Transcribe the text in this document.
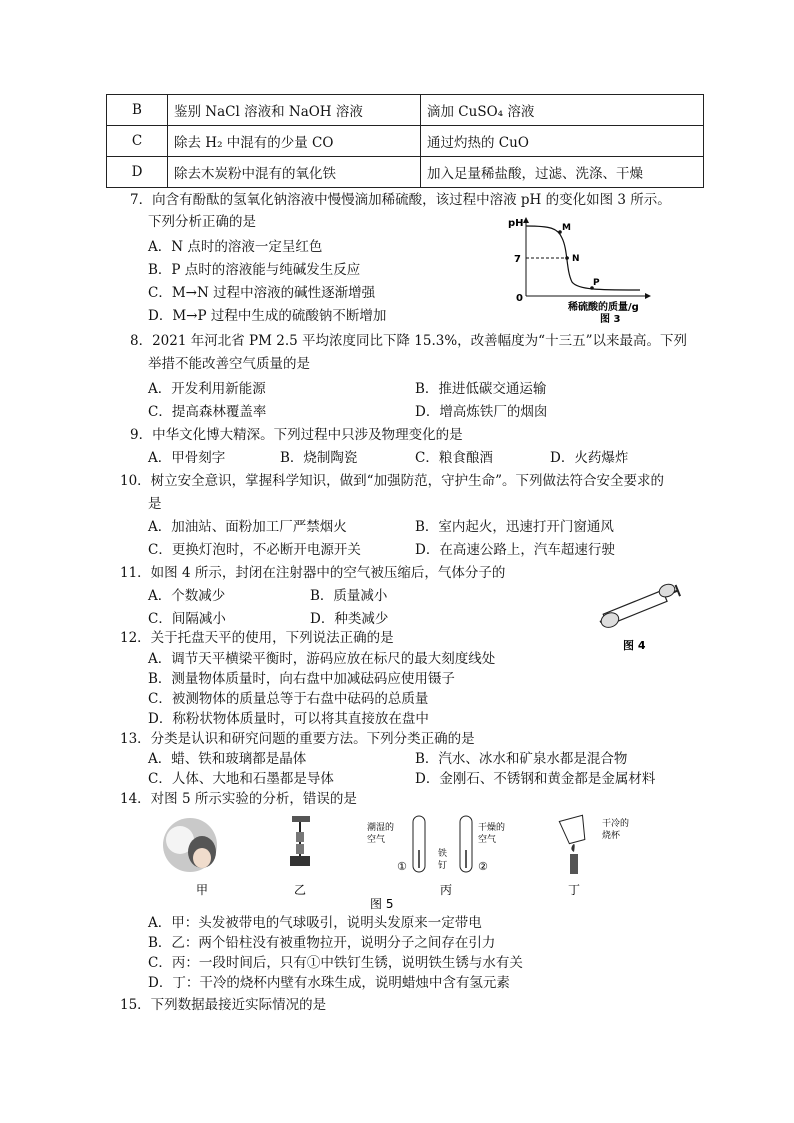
B	鉴别 NaCl 溶液和 NaOH 溶液	滴加 CuSO₄ 溶液
C	除去 H₂ 中混有的少量 CO	通过灼热的 CuO
D	除去木炭粉中混有的氧化铁	加入足量稀盐酸，过滤、洗涤、干燥
7．向含有酚酞的氢氧化钠溶液中慢慢滴加稀硫酸，该过程中溶液 pH 的变化如图 3 所示。
下列分析正确的是
A．N 点时的溶液一定呈红色
B．P 点时的溶液能与纯碱发生反应
C．M→N 过程中溶液的碱性逐渐增强
D．M→P 过程中生成的硫酸钠不断增加
pH
7
0
M
N
P
稀硫酸的质量/g
图 3
8．2021 年河北省 PM 2.5 平均浓度同比下降 15.3%，改善幅度为“十三五”以来最高。下列
举措不能改善空气质量的是
A．开发利用新能源	B．推进低碳交通运输
C．提高森林覆盖率	D．增高炼铁厂的烟囱
9．中华文化博大精深。下列过程中只涉及物理变化的是
A．甲骨刻字	B．烧制陶瓷	C．粮食酿酒	D．火药爆炸
10．树立安全意识，掌握科学知识，做到“加强防范，守护生命”。下列做法符合安全要求的
是
A．加油站、面粉加工厂严禁烟火	B．室内起火，迅速打开门窗通风
C．更换灯泡时，不必断开电源开关	D．在高速公路上，汽车超速行驶
11．如图 4 所示，封闭在注射器中的空气被压缩后，气体分子的
A．个数减少	B．质量减小
C．间隔减小	D．种类减少
图 4
12．关于托盘天平的使用，下列说法正确的是
A．调节天平横梁平衡时，游码应放在标尺的最大刻度线处
B．测量物体质量时，向右盘中加减砝码应使用镊子
C．被测物体的质量总等于右盘中砝码的总质量
D．称粉状物体质量时，可以将其直接放在盘中
13．分类是认识和研究问题的重要方法。下列分类正确的是
A．蜡、铁和玻璃都是晶体	B．汽水、冰水和矿泉水都是混合物
C．人体、大地和石墨都是导体	D．金刚石、不锈钢和黄金都是金属材料
14．对图 5 所示实验的分析，错误的是
甲	乙
潮湿的
空气
①
铁
钉	②
干燥的
空气
丙
干冷的
烧杯
丁
图 5
A．甲：头发被带电的气球吸引，说明头发原来一定带电
B．乙：两个铅柱没有被重物拉开，说明分子之间存在引力
C．丙：一段时间后，只有①中铁钉生锈，说明铁生锈与水有关
D．丁：干冷的烧杯内壁有水珠生成，说明蜡烛中含有氢元素
15．下列数据最接近实际情况的是
